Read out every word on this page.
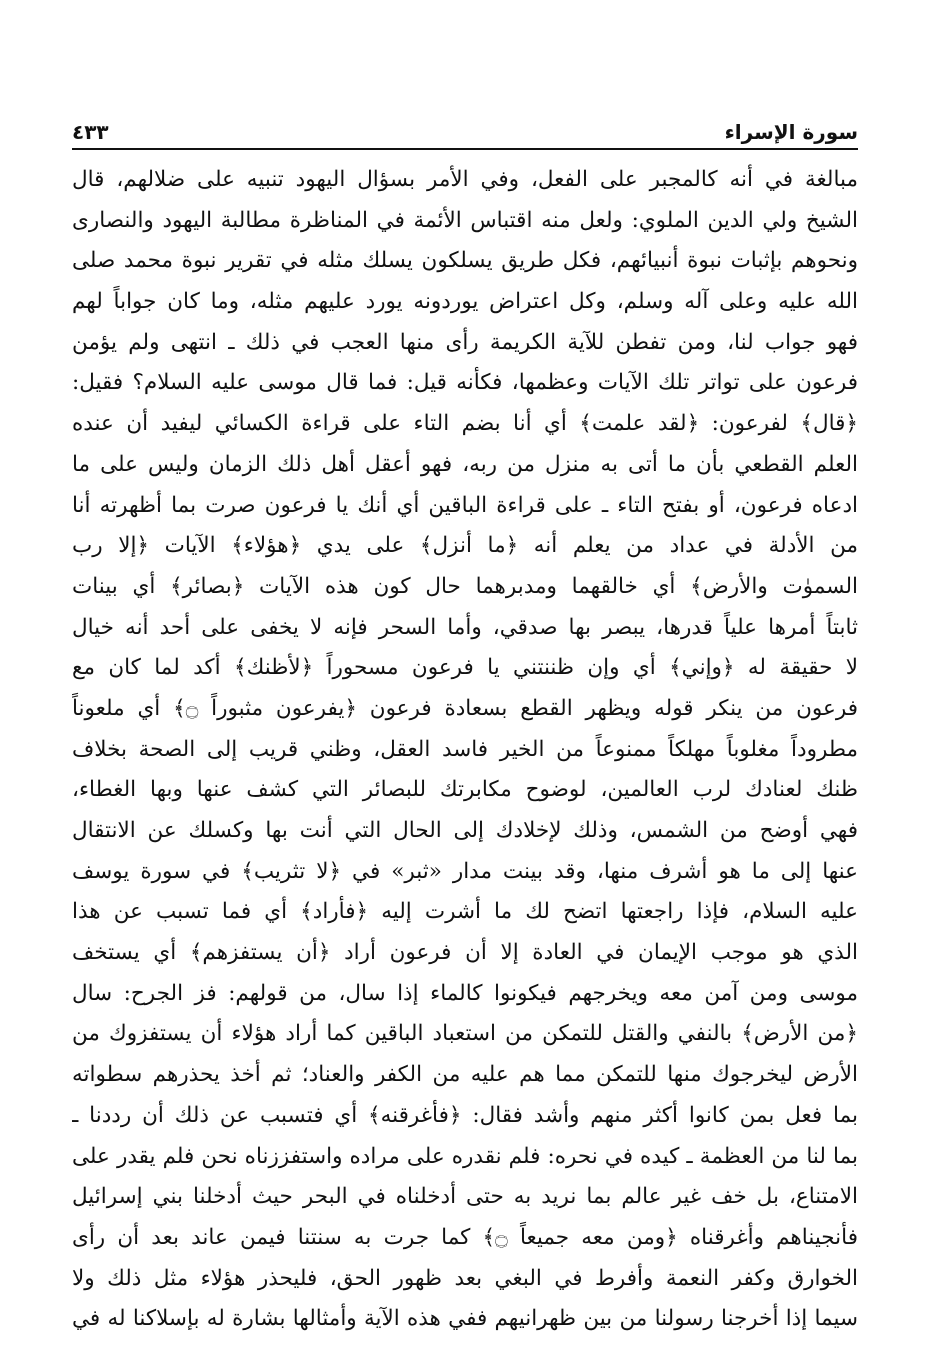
سورة الإسراء
٤٣٣
مبالغة في أنه كالمجبر على الفعل، وفي الأمر بسؤال اليهود تنبيه على ضلالهم، قال
الشيخ ولي الدين الملوي: ولعل منه اقتباس الأئمة في المناظرة مطالبة اليهود والنصارى
ونحوهم بإثبات نبوة أنبيائهم، فكل طريق يسلكون يسلك مثله في تقرير نبوة محمد صلى
الله عليه وعلى آله وسلم، وكل اعتراض يوردونه يورد عليهم مثله، وما كان جواباً لهم
فهو جواب لنا، ومن تفطن للآية الكريمة رأى منها العجب في ذلك ـ انتهى ولم يؤمن
فرعون على تواتر تلك الآيات وعظمها، فكأنه قيل: فما قال موسى عليه السلام؟ فقيل:
﴿قال﴾ لفرعون: ﴿لقد علمت﴾ أي أنا بضم التاء على قراءة الكسائي ليفيد أن عنده
العلم القطعي بأن ما أتى به منزل من ربه، فهو أعقل أهل ذلك الزمان وليس على ما
ادعاه فرعون، أو بفتح التاء ـ على قراءة الباقين أي أنك يا فرعون صرت بما أظهرته أنا
من الأدلة في عداد من يعلم أنه ﴿ما أنزل﴾ على يدي ﴿هؤلاء﴾ الآيات ﴿إلا رب
السموٰت والأرض﴾ أي خالقهما ومدبرهما حال كون هذه الآيات ﴿بصائر﴾ أي بينات
ثابتاً أمرها علياً قدرها، يبصر بها صدقي، وأما السحر فإنه لا يخفى على أحد أنه خيال
لا حقيقة له ﴿وإني﴾ أي وإن ظننتني يا فرعون مسحوراً ﴿لأظنك﴾ أكد لما كان مع
فرعون من ينكر قوله ويظهر القطع بسعادة فرعون ﴿يفرعون مثبوراً ۝﴾ أي ملعوناً
مطروداً مغلوباً مهلكاً ممنوعاً من الخير فاسد العقل، وظني قريب إلى الصحة بخلاف
ظنك لعنادك لرب العالمين، لوضوح مكابرتك للبصائر التي كشف عنها وبها الغطاء،
فهي أوضح من الشمس، وذلك لإخلادك إلى الحال التي أنت بها وكسلك عن الانتقال
عنها إلى ما هو أشرف منها، وقد بينت مدار «ثبر» في ﴿لا تثريب﴾ في سورة يوسف
عليه السلام، فإذا راجعتها اتضح لك ما أشرت إليه ﴿فأراد﴾ أي فما تسبب عن هذا
الذي هو موجب الإيمان في العادة إلا أن فرعون أراد ﴿أن يستفزهم﴾ أي يستخف
موسى ومن آمن معه ويخرجهم فيكونوا كالماء إذا سال، من قولهم: فز الجرح: سال
﴿من الأرض﴾ بالنفي والقتل للتمكن من استعباد الباقين كما أراد هؤلاء أن يستفزوك من
الأرض ليخرجوك منها للتمكن مما هم عليه من الكفر والعناد؛ ثم أخذ يحذرهم سطواته
بما فعل بمن كانوا أكثر منهم وأشد فقال: ﴿فأغرقنه﴾ أي فتسبب عن ذلك أن رددنا ـ
بما لنا من العظمة ـ كيده في نحره: فلم نقدره على مراده واستفززناه نحن فلم يقدر على
الامتناع، بل خف غير عالم بما نريد به حتى أدخلناه في البحر حيث أدخلنا بني إسرائيل
فأنجيناهم وأغرقناه ﴿ومن معه جميعاً ۝﴾ كما جرت به سنتنا فيمن عاند بعد أن رأى
الخوارق وكفر النعمة وأفرط في البغي بعد ظهور الحق، فليحذر هؤلاء مثل ذلك ولا
سيما إذا أخرجنا رسولنا من بين ظهرانيهم ففي هذه الآية وأمثالها بشارة له بإسلاكنا له في
